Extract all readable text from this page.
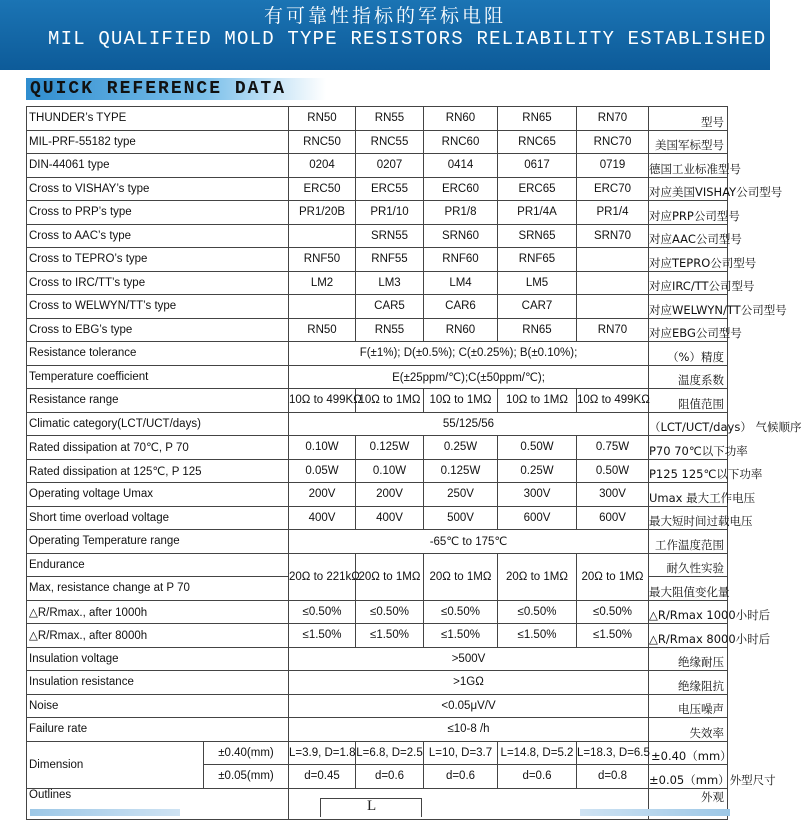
有可靠性指标的军标电阻
MIL QUALIFIED MOLD TYPE RESISTORS RELIABILITY ESTABLISHED
QUICK REFERENCE DATA
THUNDER’s TYPE		RN50	RN55	RN60	RN65	RN70	型号
MIL-PRF-55182 type		RNC50	RNC55	RNC60	RNC65	RNC70	美国军标型号
DIN-44061 type		0204	0207	0414	0617	0719	德国工业标准型号
Cross to VISHAY’s type		ERC50	ERC55	ERC60	ERC65	ERC70	对应美国VISHAY公司型号
Cross to PRP’s type		PR1/20B	PR1/10	PR1/8	PR1/4A	PR1/4	对应PRP公司型号
Cross to AAC’s type			SRN55	SRN60	SRN65	SRN70	对应AAC公司型号
Cross to TEPRO’s type		RNF50	RNF55	RNF60	RNF65		对应TEPRO公司型号
Cross to IRC/TT’s type		LM2	LM3	LM4	LM5		对应IRC/TT公司型号
Cross to WELWYN/TT’s type			CAR5	CAR6	CAR7		对应WELWYN/TT公司型号
Cross to EBG’s type		RN50	RN55	RN60	RN65	RN70	对应EBG公司型号
Resistance tolerance		F(±1%); D(±0.5%); C(±0.25%); B(±0.10%);					（%）精度
Temperature coefficient		E(±25ppm/℃);C(±50ppm/℃);					温度系数
Resistance range		10Ω to 499KΩ	10Ω to 1MΩ	10Ω to 1MΩ	10Ω to 1MΩ	10Ω to 499KΩ	阻值范围
Climatic category(LCT/UCT/days)		55/125/56					（LCT/UCT/days） 气候顺序
Rated dissipation at 70℃, P 70		0.10W	0.125W	0.25W	0.50W	0.75W	P70 70℃以下功率
Rated dissipation at 125℃, P 125		0.05W	0.10W	0.125W	0.25W	0.50W	P125 125℃以下功率
Operating voltage Umax		200V	200V	250V	300V	300V	Umax 最大工作电压
Short time overload voltage		400V	400V	500V	600V	600V	最大短时间过载电压
Operating Temperature range		-65℃ to 175℃					工作温度范围
Endurance		20Ω to 221kΩ	20Ω to 1MΩ	20Ω to 1MΩ	20Ω to 1MΩ	20Ω to 1MΩ	耐久性实验
Max, resistance change at P 70							最大阻值变化量
△R/Rmax., after 1000h		≤0.50%	≤0.50%	≤0.50%	≤0.50%	≤0.50%	△R/Rmax 1000小时后
△R/Rmax., after 8000h		≤1.50%	≤1.50%	≤1.50%	≤1.50%	≤1.50%	△R/Rmax 8000小时后
Insulation voltage		>500V					绝缘耐压
Insulation resistance		>1GΩ					绝缘阻抗
Noise		<0.05μV/V					电压噪声
Failure rate		≤10-8 /h					失效率
Dimension	±0.40(mm)	L=3.9, D=1.8	L=6.8, D=2.5	L=10, D=3.7	L=14.8, D=5.2	L=18.3, D=6.5	±0.40（mm）
	±0.05(mm)	d=0.45	d=0.6	d=0.6	d=0.6	d=0.8	±0.05（mm） 外型尺寸
Outlines							外观
L
